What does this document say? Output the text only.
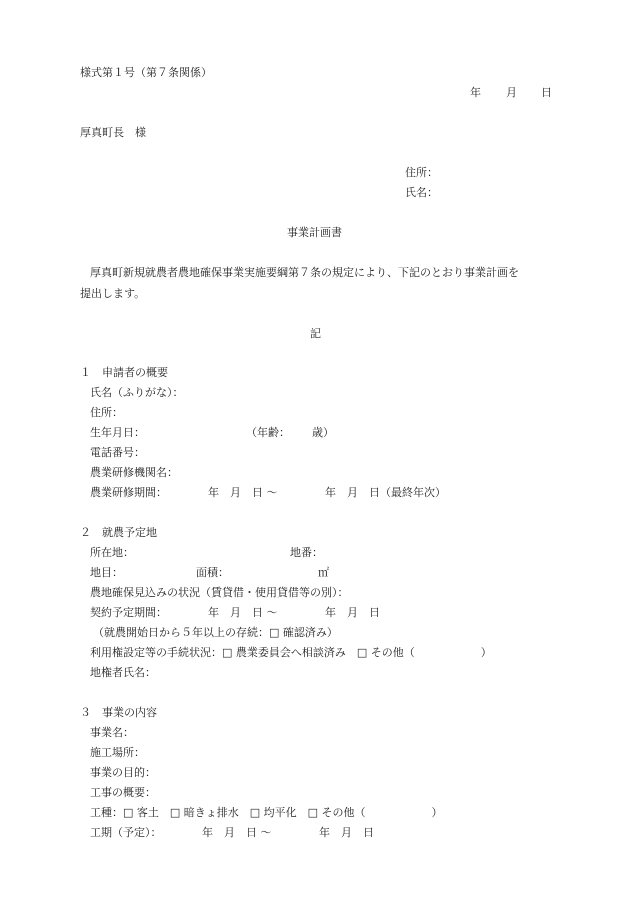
様式第１号（第７条関係）
年 月 日
厚真町長　様
住所：
氏名：
事業計画書
厚真町新規就農者農地確保事業実施要綱第７条の規定により、下記のとおり事業計画を
提出します。
記
１　申請者の概要
氏名（ふりがな）：
住所：
生年月日：	（年齢： 歳）
電話番号：
農業研修機関名：
農業研修期間：	年　月　日 〜	年　月　日（最終年次）
２　就農予定地
所在地：	地番：
地目：	面積：	㎡
農地確保見込みの状況（賃貸借・使用貸借等の別）：
契約予定期間：	年　月　日 〜	年　月　日
（就農開始日から５年以上の存続：□ 確認済み）
利用権設定等の手続状況：□ 農業委員会へ相談済み　□ その他（　　　　　　）
地権者氏名：
３　事業の内容
事業名：
施工場所：
事業の目的：
工事の概要：
工種：□ 客土　□ 暗きょ排水　□ 均平化　□ その他（　　　　　　）
工期（予定）：	年　月　日 〜	年　月　日
